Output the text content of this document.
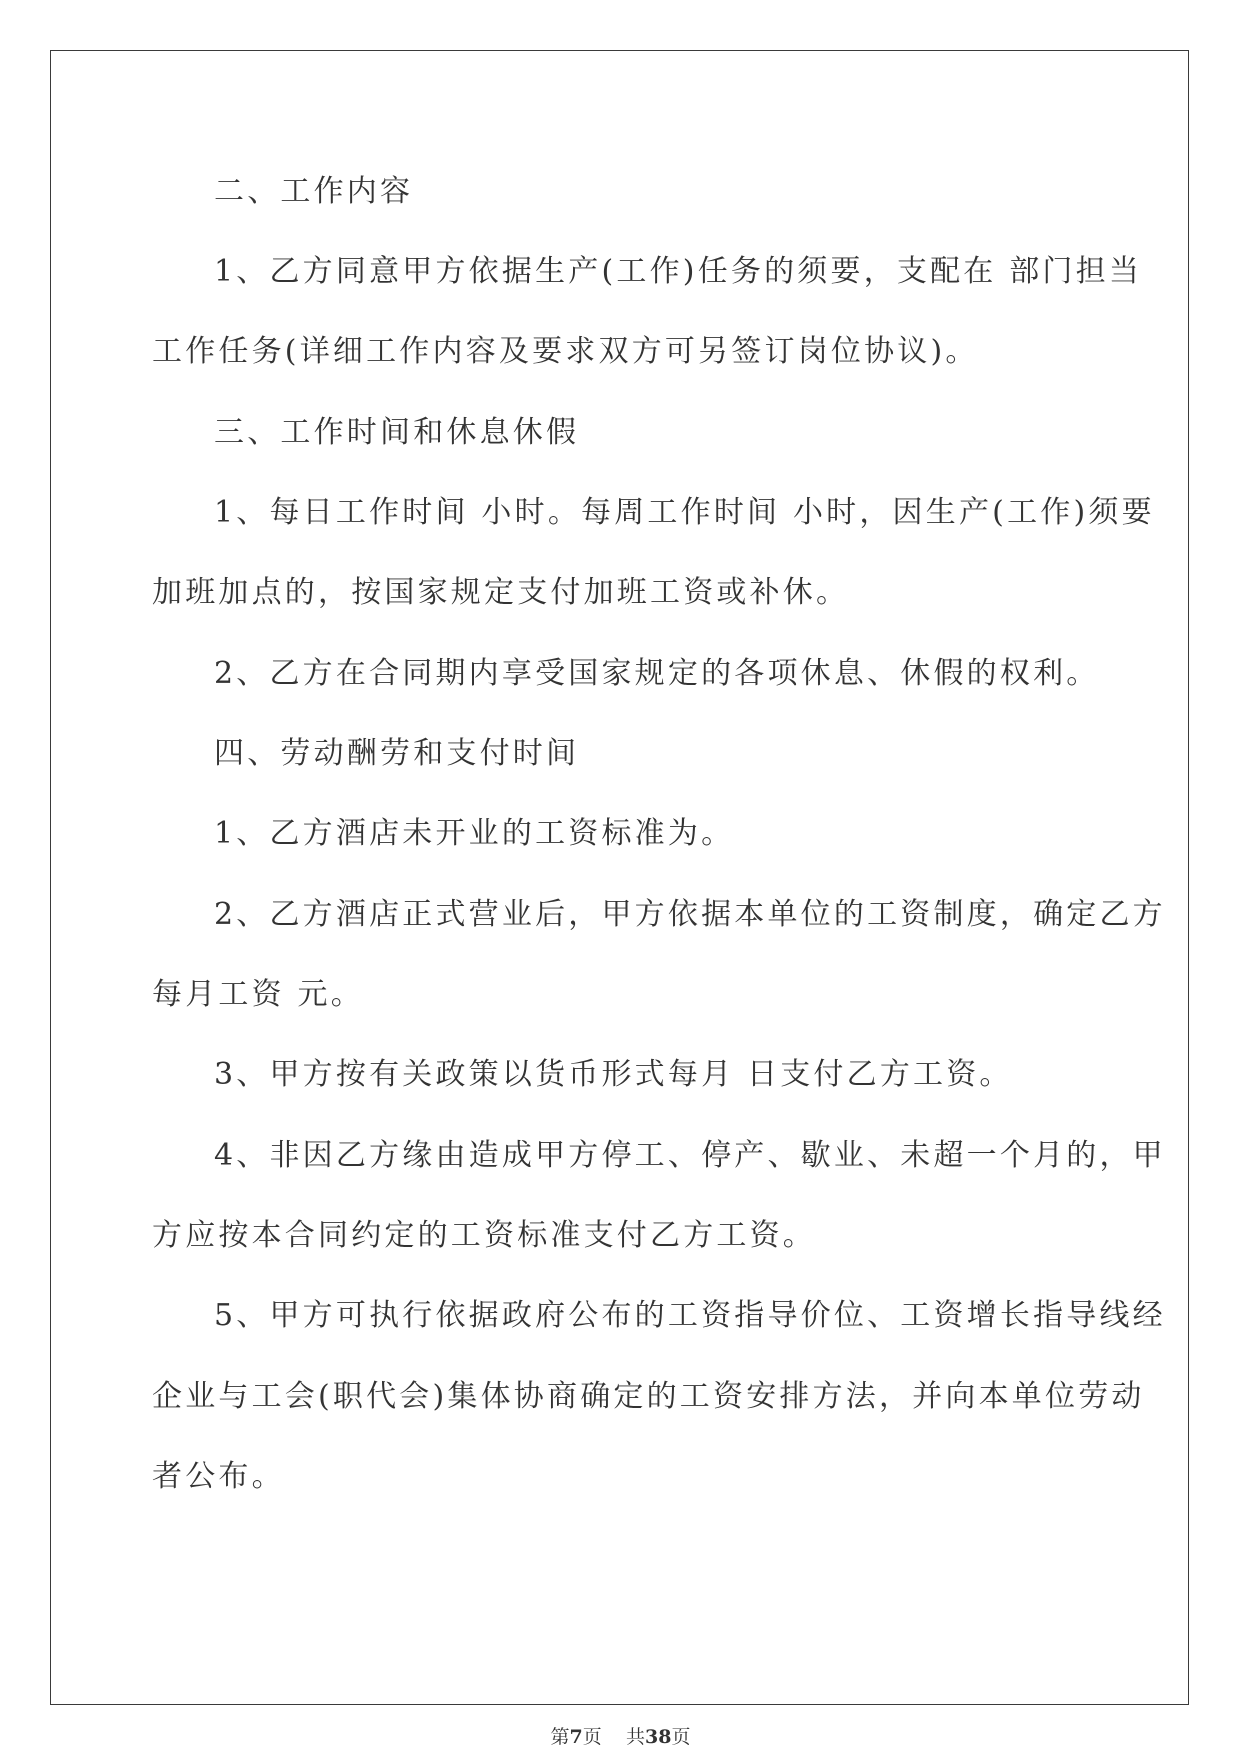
二、工作内容

1、乙方同意甲方依据生产(工作)任务的须要，支配在 部门担当

工作任务(详细工作内容及要求双方可另签订岗位协议)。

三、工作时间和休息休假

1、每日工作时间 小时。每周工作时间 小时，因生产(工作)须要

加班加点的，按国家规定支付加班工资或补休。

2、乙方在合同期内享受国家规定的各项休息、休假的权利。

四、劳动酬劳和支付时间

1、乙方酒店未开业的工资标准为。

2、乙方酒店正式营业后，甲方依据本单位的工资制度，确定乙方

每月工资 元。

3、甲方按有关政策以货币形式每月 日支付乙方工资。

4、非因乙方缘由造成甲方停工、停产、歇业、未超一个月的，甲

方应按本合同约定的工资标准支付乙方工资。

5、甲方可执行依据政府公布的工资指导价位、工资增长指导线经

企业与工会(职代会)集体协商确定的工资安排方法，并向本单位劳动

者公布。

第7页 共38页
